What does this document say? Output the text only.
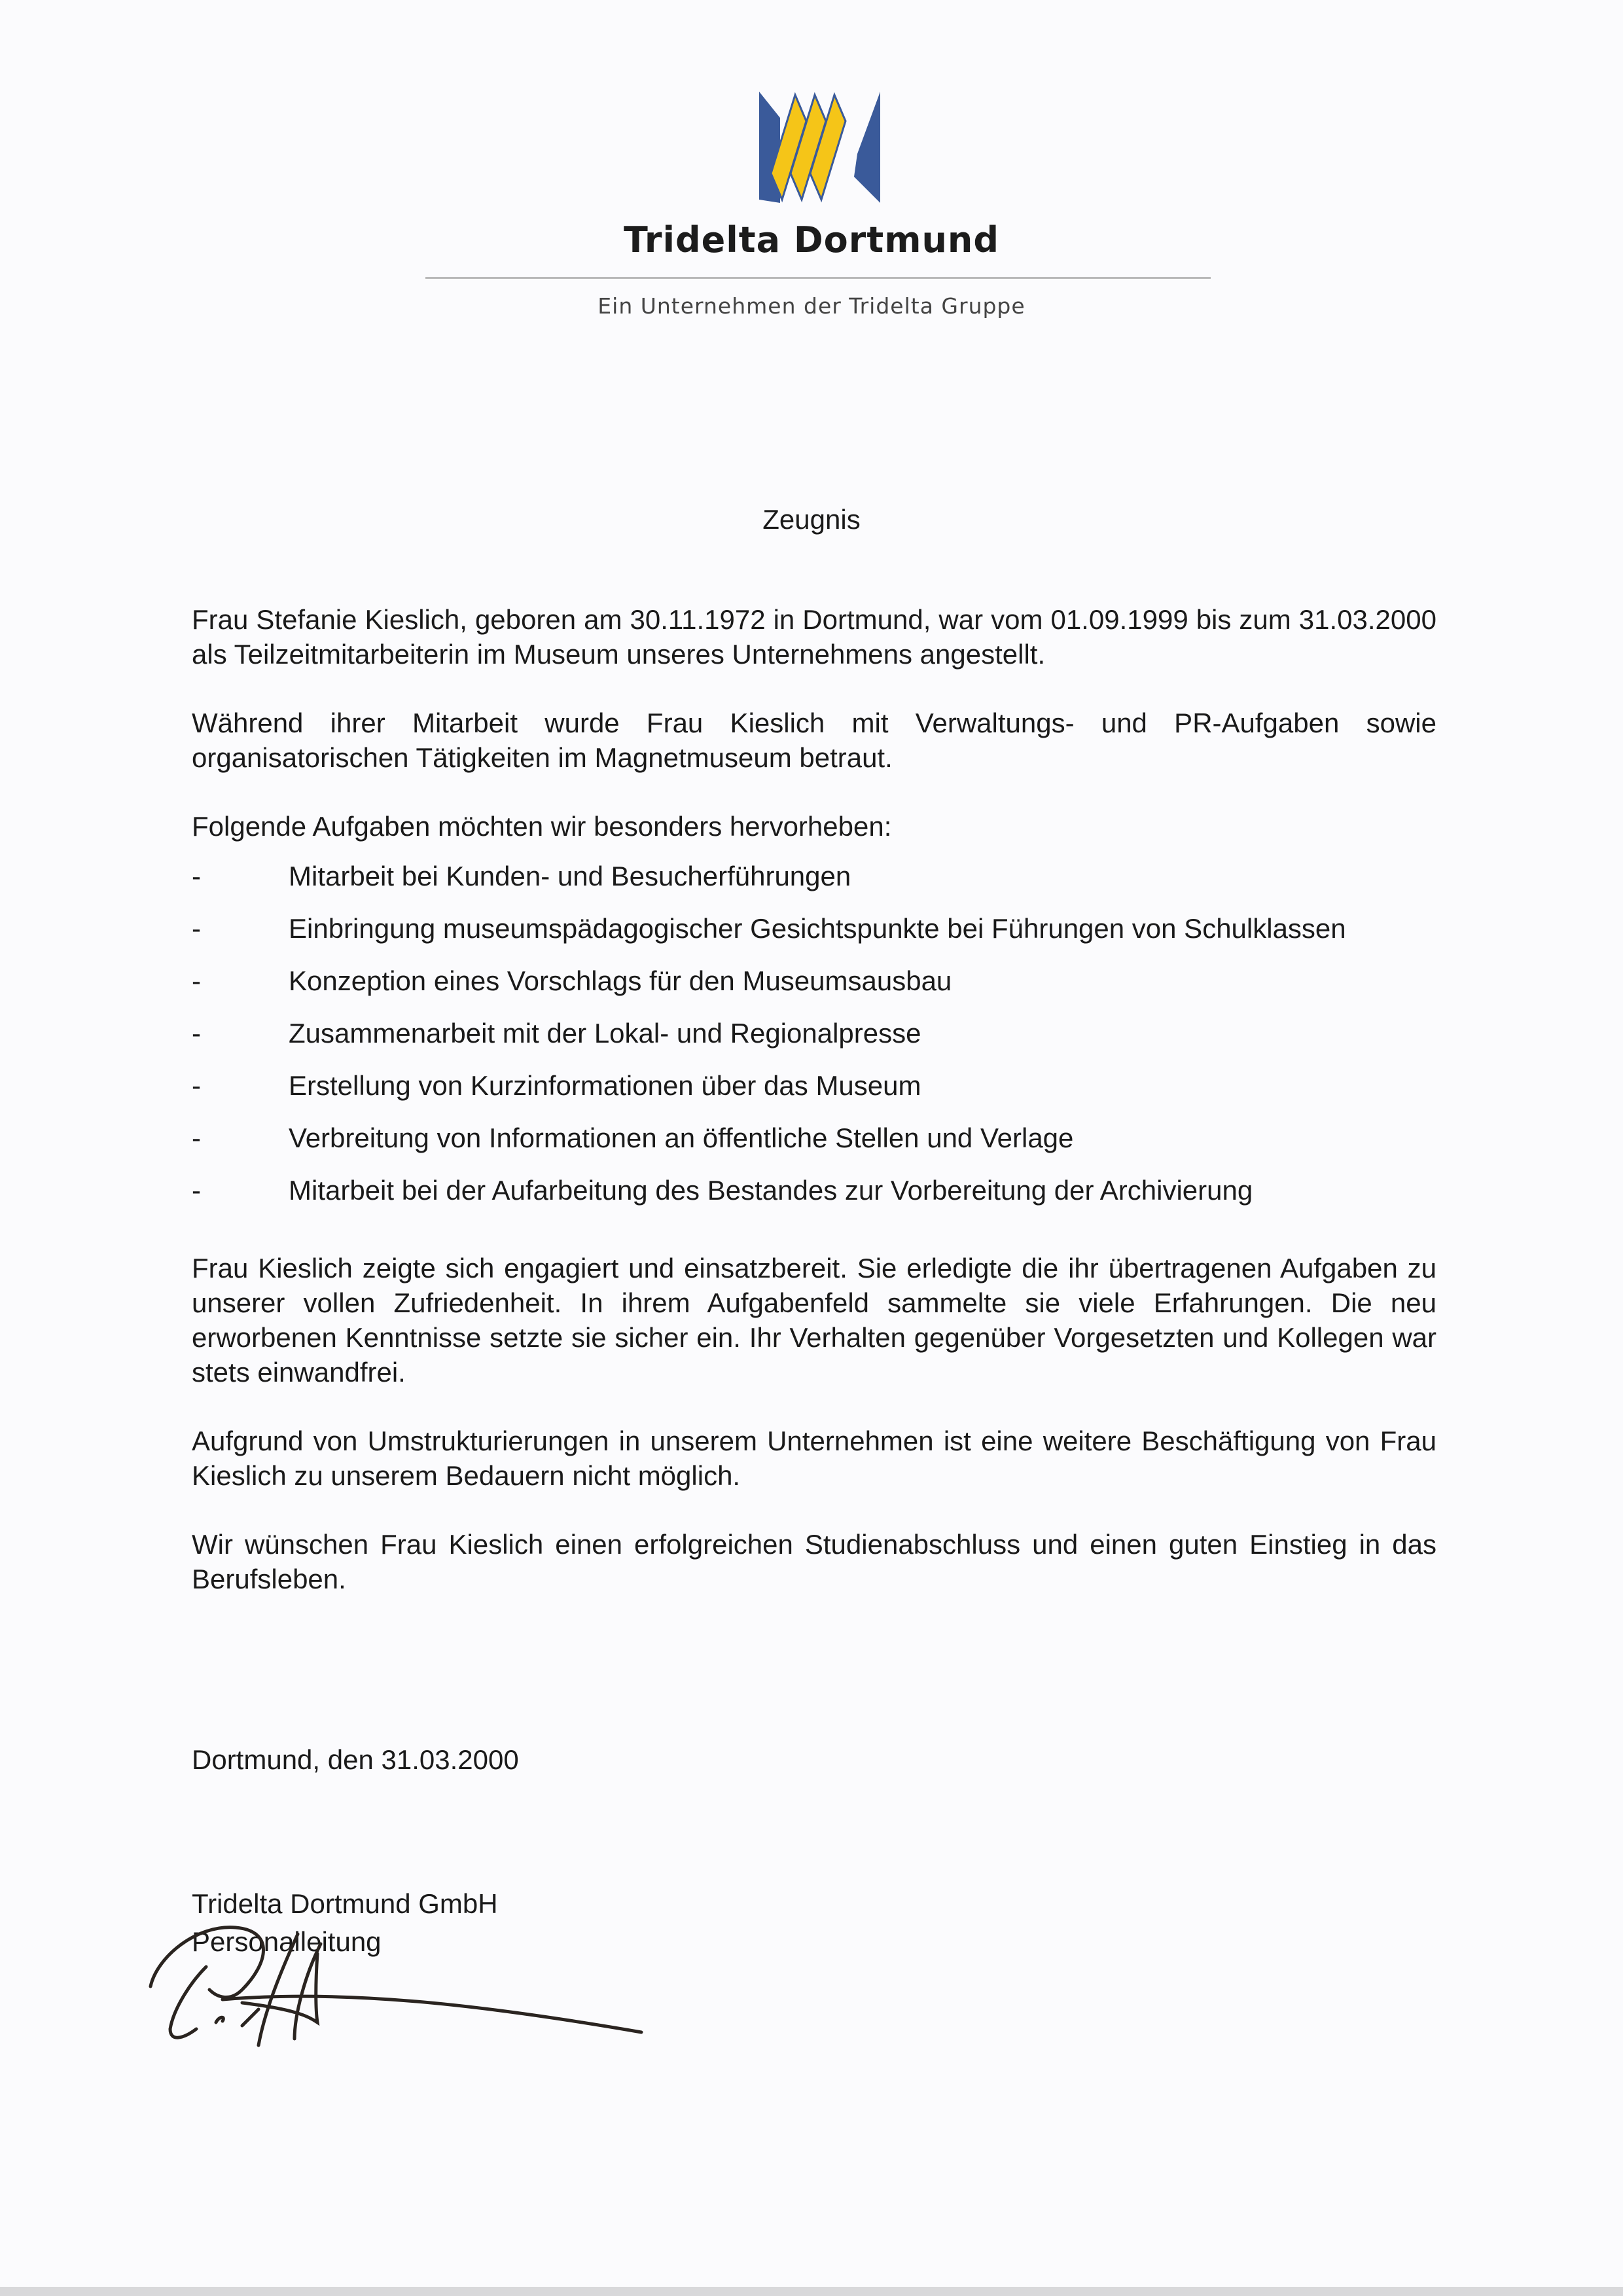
Tridelta Dortmund
Ein Unternehmen der Tridelta Gruppe
Zeugnis

Frau Stefanie Kieslich, geboren am 30.11.1972 in Dortmund, war vom 01.09.1999 bis zum 31.03.2000 als Teilzeitmitarbeiterin im Museum unseres Unternehmens angestellt.

Während ihrer Mitarbeit wurde Frau Kieslich mit Verwaltungs- und PR-Aufgaben sowie organisatorischen Tätigkeiten im Magnetmuseum betraut.

Folgende Aufgaben möchten wir besonders hervorheben:

-	Mitarbeit bei Kunden- und Besucherführungen
-	Einbringung museumspädagogischer Gesichtspunkte bei Führungen von Schulklassen
-	Konzeption eines Vorschlags für den Museumsausbau
-	Zusammenarbeit mit der Lokal- und Regionalpresse
-	Erstellung von Kurzinformationen über das Museum
-	Verbreitung von Informationen an öffentliche Stellen und Verlage
-	Mitarbeit bei der Aufarbeitung des Bestandes zur Vorbereitung der Archivierung

Frau Kieslich zeigte sich engagiert und einsatzbereit. Sie erledigte die ihr übertragenen Aufgaben zu unserer vollen Zufriedenheit. In ihrem Aufgabenfeld sammelte sie viele Erfahrungen. Die neu erworbenen Kenntnisse setzte sie sicher ein. Ihr Verhalten gegenüber Vorgesetzten und Kollegen war stets einwandfrei.

Aufgrund von Umstrukturierungen in unserem Unternehmen ist eine weitere Beschäftigung von Frau Kieslich zu unserem Bedauern nicht möglich.

Wir wünschen Frau Kieslich einen erfolgreichen Studienabschluss und einen guten Einstieg in das Berufsleben.

Dortmund, den 31.03.2000
Tridelta Dortmund GmbH
Personalleitung
